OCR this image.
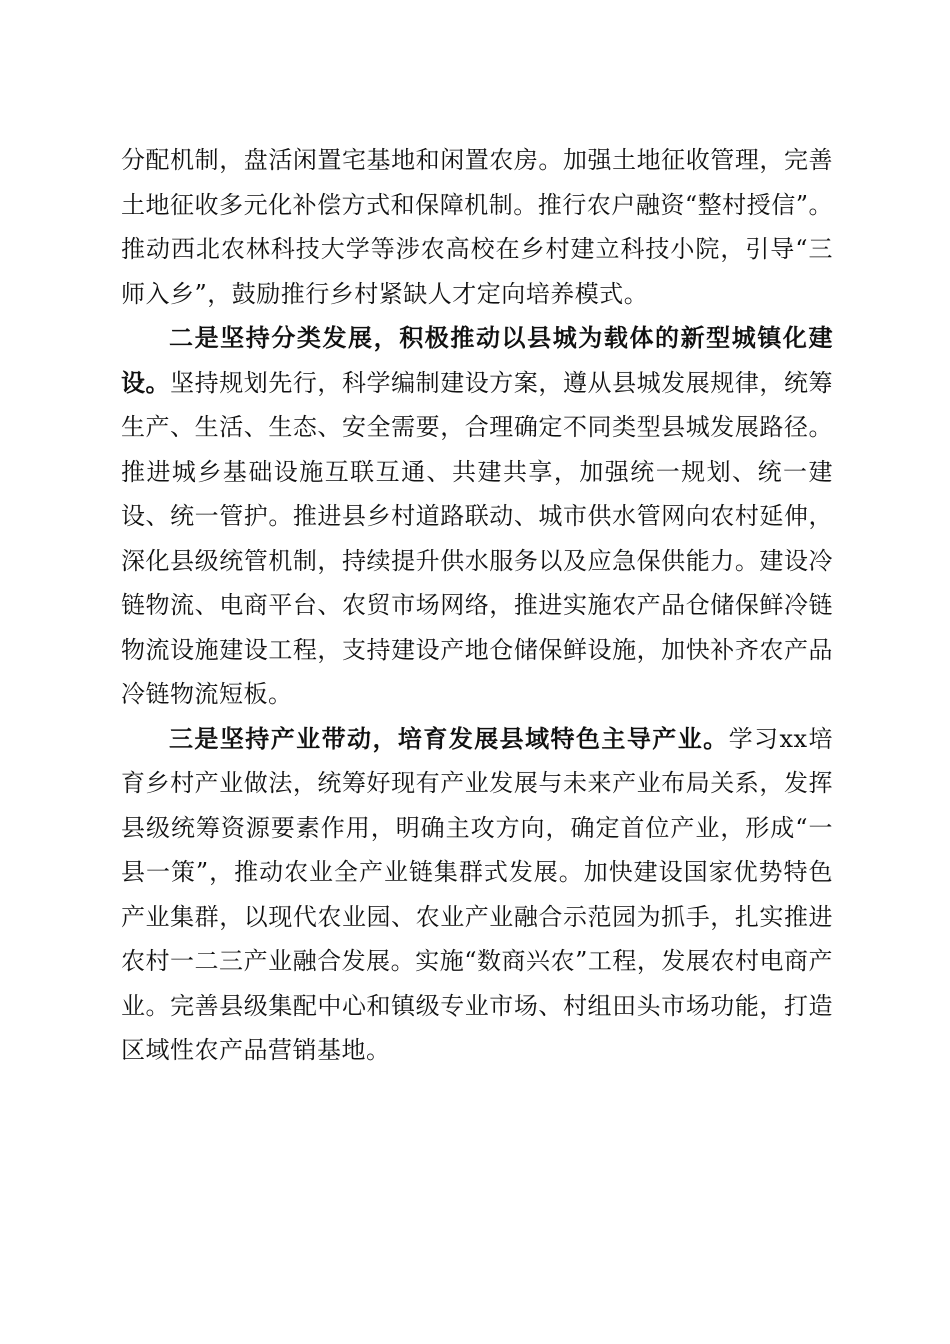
分配机制，盘活闲置宅基地和闲置农房。加强土地征收管理，完善土地征收多元化补偿方式和保障机制。推行农户融资“整村授信”。推动西北农林科技大学等涉农高校在乡村建立科技小院，引导“三师入乡”，鼓励推行乡村紧缺人才定向培养模式。

二是坚持分类发展，积极推动以县城为载体的新型城镇化建设。坚持规划先行，科学编制建设方案，遵从县城发展规律，统筹生产、生活、生态、安全需要，合理确定不同类型县城发展路径。推进城乡基础设施互联互通、共建共享，加强统一规划、统一建设、统一管护。推进县乡村道路联动、城市供水管网向农村延伸，深化县级统管机制，持续提升供水服务以及应急保供能力。建设冷链物流、电商平台、农贸市场网络，推进实施农产品仓储保鲜冷链物流设施建设工程，支持建设产地仓储保鲜设施，加快补齐农产品冷链物流短板。

三是坚持产业带动，培育发展县域特色主导产业。学习xx培育乡村产业做法，统筹好现有产业发展与未来产业布局关系，发挥县级统筹资源要素作用，明确主攻方向，确定首位产业，形成“一县一策”，推动农业全产业链集群式发展。加快建设国家优势特色产业集群，以现代农业园、农业产业融合示范园为抓手，扎实推进农村一二三产业融合发展。实施“数商兴农”工程，发展农村电商产业。完善县级集配中心和镇级专业市场、村组田头市场功能，打造区域性农产品营销基地。
